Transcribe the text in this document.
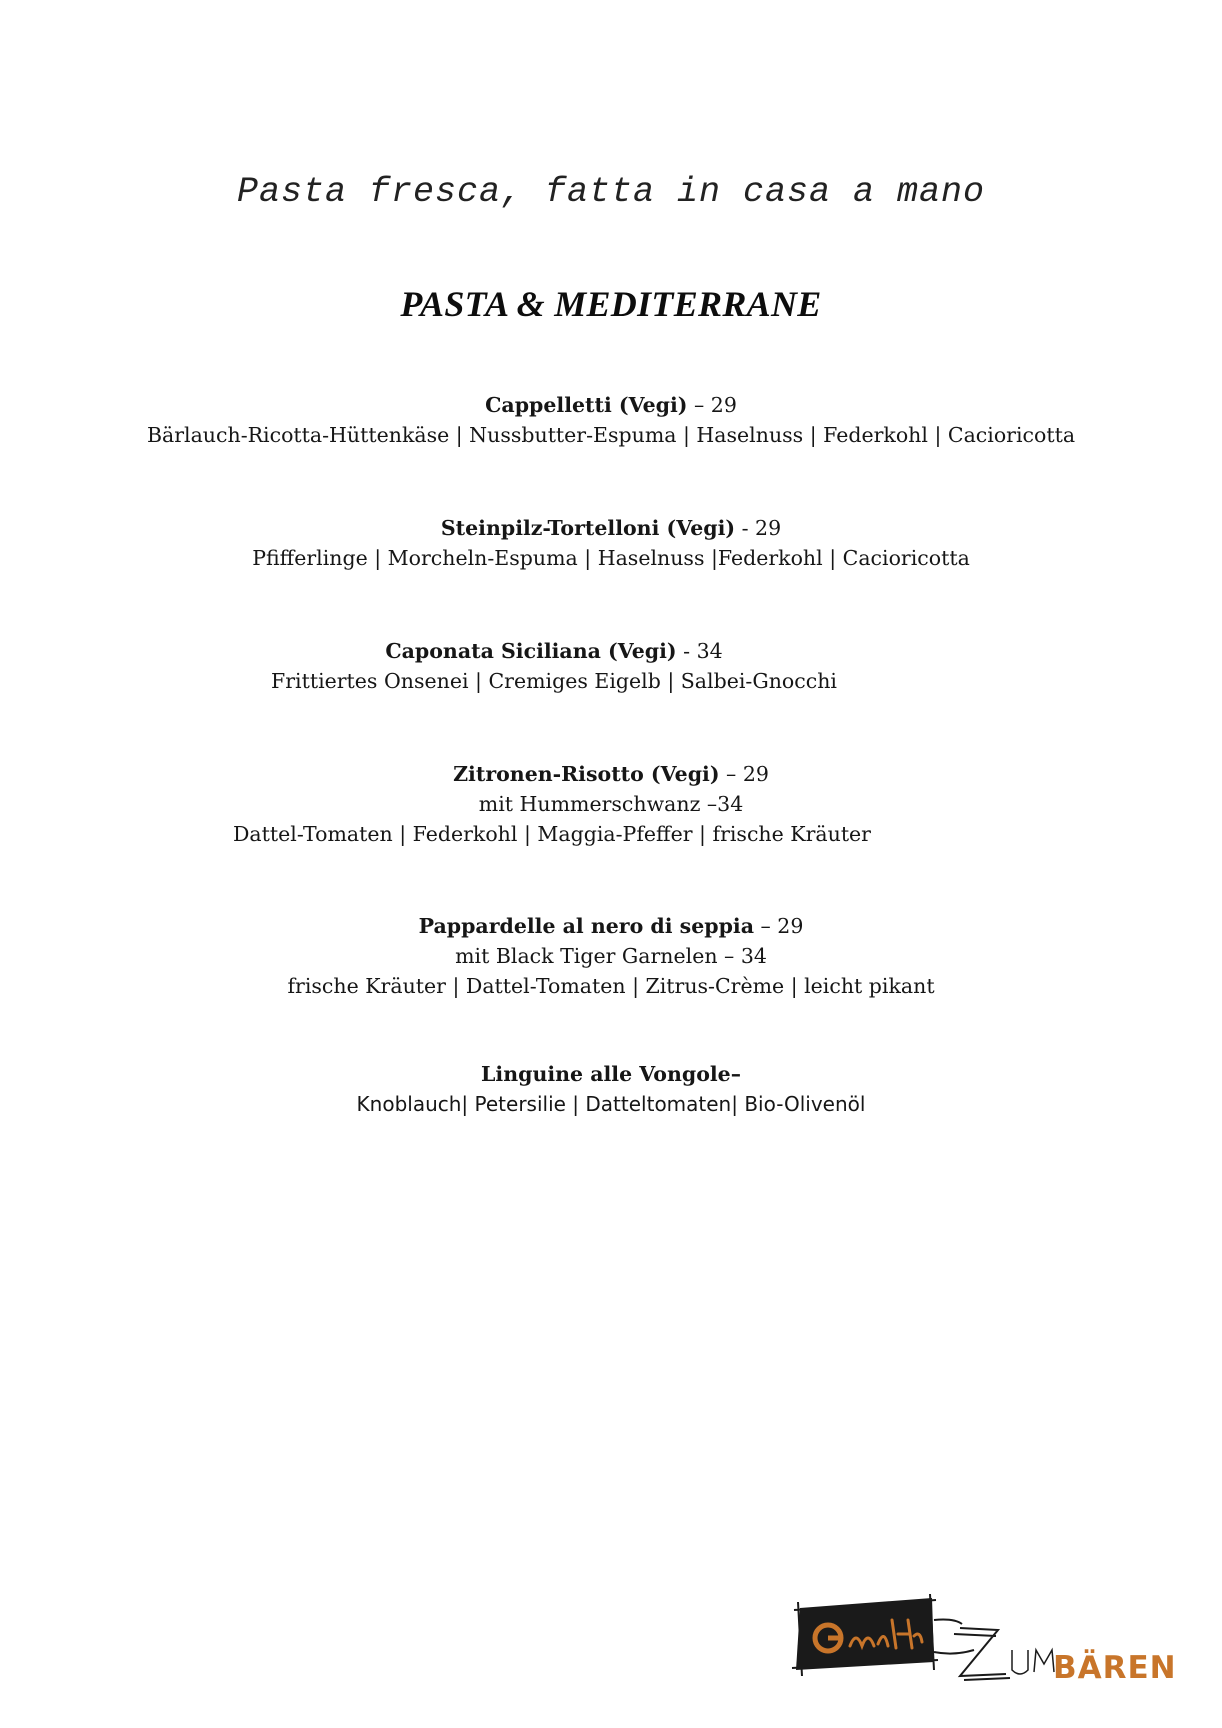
Pasta fresca, fatta in casa a mano
PASTA & MEDITERRANE
Cappelletti (Vegi) – 29
Bärlauch-Ricotta-Hüttenkäse | Nussbutter-Espuma | Haselnuss | Federkohl | Cacioricotta
Steinpilz-Tortelloni (Vegi) - 29
Pfifferlinge | Morcheln-Espuma | Haselnuss |Federkohl | Cacioricotta
Caponata Siciliana (Vegi) - 34
Frittiertes Onsenei | Cremiges Eigelb | Salbei-Gnocchi
Zitronen-Risotto (Vegi) – 29
mit Hummerschwanz –34
Dattel-Tomaten | Federkohl | Maggia-Pfeffer | frische Kräuter
Pappardelle al nero di seppia – 29
mit Black Tiger Garnelen – 34
frische Kräuter | Dattel-Tomaten | Zitrus-Crème | leicht pikant
Linguine alle Vongole–
Knoblauch| Petersilie | Datteltomaten| Bio-Olivenöl
BÄREN
